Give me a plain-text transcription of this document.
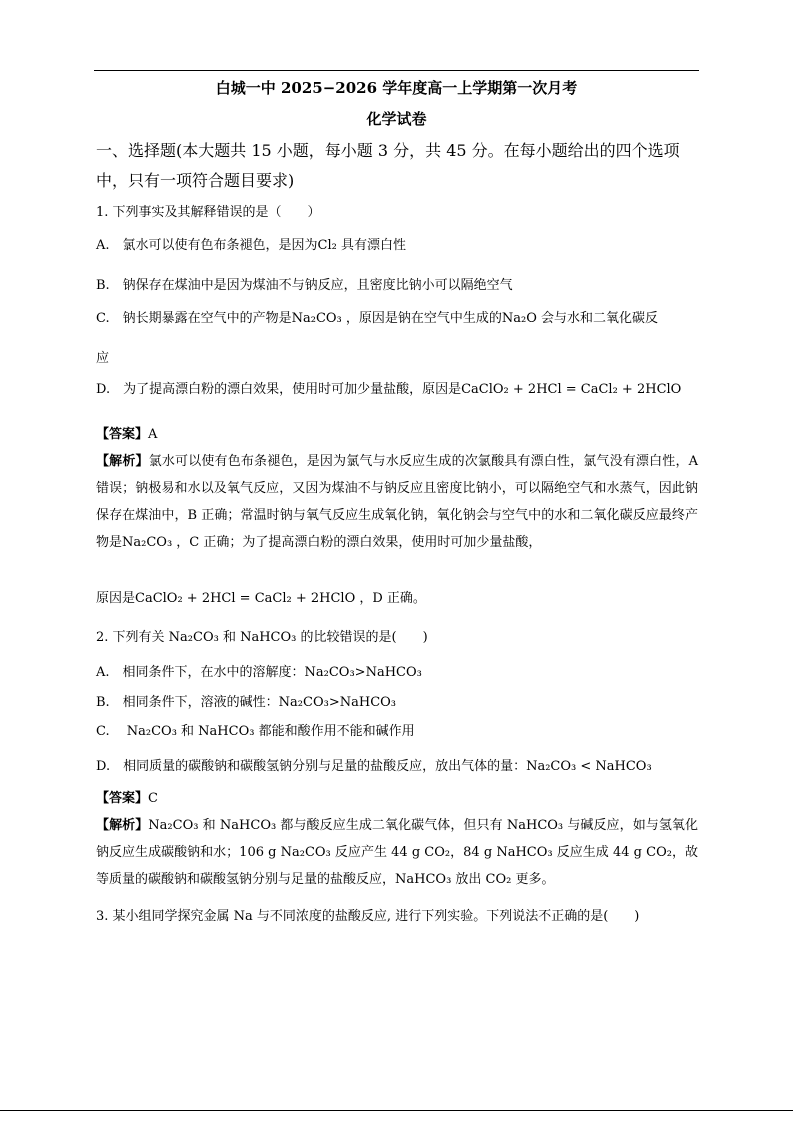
白城一中 2025−2026 学年度高一上学期第一次月考
化学试卷
一、选择题(本大题共 15 小题，每小题 3 分，共 45 分。在每小题给出的四个选项中，只有一项符合题目要求)
1. 下列事实及其解释错误的是（　　）
A.　氯水可以使有色布条褪色，是因为Cl₂ 具有漂白性
B.　钠保存在煤油中是因为煤油不与钠反应，且密度比钠小可以隔绝空气
C.　钠长期暴露在空气中的产物是Na₂CO₃ ，原因是钠在空气中生成的Na₂O 会与水和二氧化碳反
应
D.　为了提高漂白粉的漂白效果，使用时可加少量盐酸，原因是CaClO₂ + 2HCl = CaCl₂ + 2HClO
【答案】A
【解析】氯水可以使有色布条褪色，是因为氯气与水反应生成的次氯酸具有漂白性，氯气没有漂白性，A 错误；钠极易和水以及氧气反应，又因为煤油不与钠反应且密度比钠小，可以隔绝空气和水蒸气，因此钠保存在煤油中，B 正确；常温时钠与氧气反应生成氧化钠，氧化钠会与空气中的水和二氧化碳反应最终产物是Na₂CO₃ ，C 正确；为了提高漂白粉的漂白效果，使用时可加少量盐酸，
原因是CaClO₂ + 2HCl = CaCl₂ + 2HClO ，D 正确。
2. 下列有关 Na₂CO₃ 和 NaHCO₃ 的比较错误的是(　　)
A.　相同条件下，在水中的溶解度：Na₂CO₃>NaHCO₃
B.　相同条件下，溶液的碱性：Na₂CO₃>NaHCO₃
C.　 Na₂CO₃ 和 NaHCO₃ 都能和酸作用不能和碱作用
D.　相同质量的碳酸钠和碳酸氢钠分别与足量的盐酸反应，放出气体的量：Na₂CO₃ < NaHCO₃
【答案】C
【解析】Na₂CO₃ 和 NaHCO₃ 都与酸反应生成二氧化碳气体，但只有 NaHCO₃ 与碱反应，如与氢氧化钠反应生成碳酸钠和水；106 g Na₂CO₃ 反应产生 44 g CO₂，84 g NaHCO₃ 反应生成 44 g CO₂，故等质量的碳酸钠和碳酸氢钠分别与足量的盐酸反应，NaHCO₃ 放出 CO₂ 更多。
3. 某小组同学探究金属 Na 与不同浓度的盐酸反应, 进行下列实验。下列说法不正确的是(　　)
